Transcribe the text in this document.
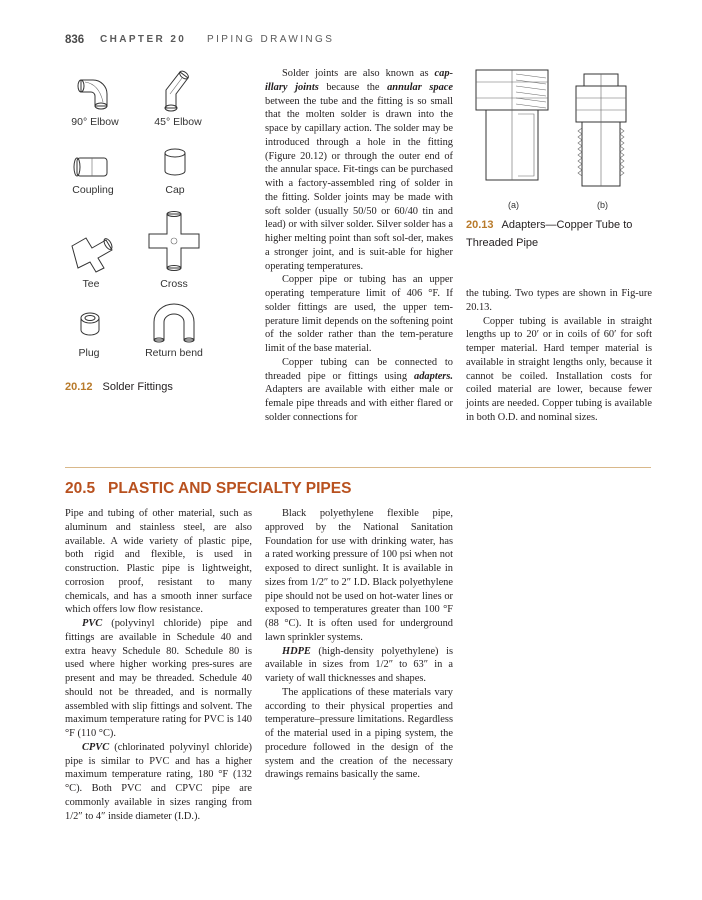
836 CHAPTER 20 PIPING DRAWINGS
90° Elbow	45° Elbow
Coupling	Cap
Tee	Cross
Plug	Return bend
20.12 Solder Fittings

Solder joints are also known as cap-illary joints because the annular space between the tube and the fitting is so small that the molten solder is drawn into the space by capillary action. The solder may be introduced through a hole in the fitting (Figure 20.12) or through the outer end of the annular space. Fit-tings can be purchased with a factory-assembled ring of solder in the fitting. Solder joints may be made with soft solder (usually 50/50 or 60/40 tin and lead) or with silver solder. Silver solder has a higher melting point than soft sol-der, makes a stronger joint, and is suit-able for higher operating temperatures.

Copper pipe or tubing has an upper operating temperature limit of 406 °F. If solder fittings are used, the upper tem-perature limit depends on the softening point of the solder rather than the tem-perature limit of the base material.

Copper tubing can be connected to threaded pipe or fittings using adapters. Adapters are available with either male or female pipe threads and with either flared or solder connections for

(a)	(b)
20.13 Adapters—Copper Tube to
Threaded Pipe

the tubing. Two types are shown in Fig-ure 20.13.

Copper tubing is available in straight lengths up to 20′ or in coils of 60′ for soft temper material. Hard temper material is available in straight lengths only, because it cannot be coiled. Installation costs for coiled material are lower, because fewer joints are needed. Copper tubing is available in both O.D. and nominal sizes.

20.5 PLASTIC AND SPECIALTY PIPES

Pipe and tubing of other material, such as aluminum and stainless steel, are also available. A wide variety of plastic pipe, both rigid and flexible, is used in construction. Plastic pipe is lightweight, corrosion proof, resistant to many chemicals, and has a smooth inner surface which offers low flow resistance.

PVC (polyvinyl chloride) pipe and fittings are available in Schedule 40 and extra heavy Schedule 80. Schedule 80 is used where higher working pres-sures are present and may be threaded. Schedule 40 should not be threaded, and is normally assembled with slip fittings and solvent. The maximum temperature rating for PVC is 140 °F (110 °C).

CPVC (chlorinated polyvinyl chloride) pipe is similar to PVC and has a higher maximum temperature rating, 180 °F (132 °C). Both PVC and CPVC pipe are commonly available in sizes ranging from 1/2″ to 4″ inside diameter (I.D.).

Black polyethylene flexible pipe, approved by the National Sanitation Foundation for use with drinking water, has a rated working pressure of 100 psi when not exposed to direct sunlight. It is available in sizes from 1/2″ to 2″ I.D. Black polyethylene pipe should not be used on hot-water lines or exposed to temperatures greater than 100 °F (88 °C). It is often used for underground lawn sprinkler systems.

HDPE (high-density polyethylene) is available in sizes from 1/2″ to 63″ in a variety of wall thicknesses and shapes.

The applications of these materials vary according to their physical properties and temperature–pressure limitations. Regardless of the material used in a piping system, the procedure followed in the design of the system and the creation of the necessary drawings remains basically the same.
